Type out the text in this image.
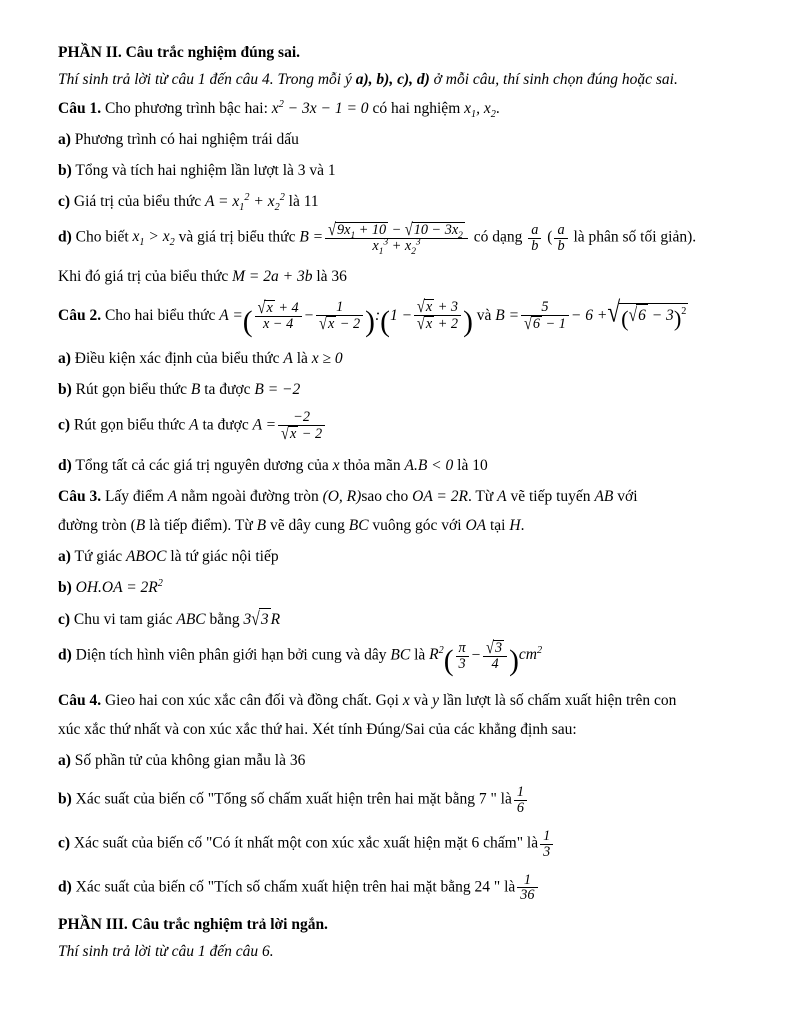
PHẦN II. Câu trắc nghiệm đúng sai.

Thí sinh trả lời từ câu 1 đến câu 4. Trong mỗi ý a), b), c), d) ở mỗi câu, thí sinh chọn đúng hoặc sai.

Câu 1. Cho phương trình bậc hai: $x^2 - 3x - 1 = 0$ có hai nghiệm $x_1$, $x_2$.

a) Phương trình có hai nghiệm trái dấu

b) Tổng và tích hai nghiệm lần lượt là 3 và 1

c) Giá trị của biểu thức $A = x_1^2 + x_2^2$ là 11

d) Cho biết $x_1 > x_2$ và giá trị biểu thức $B = \frac{√9x_1 + 10 - √10 - 3x_2}{x_1^3 + x_2^3}$ có dạng $\frac{a}{b}$ ( $\frac{a}{b}$ là phân số tối giản).

Khi đó giá trị của biểu thức M = 2a + 3b là 36

Câu 2. Cho hai biểu thức A =( $\frac{√x + 4}{x - 4} - \frac{1}{√x - 2}$ ):(1 − $\frac{√x + 3}{√x + 2}$ ) và $B = \frac{5}{√6 - 1} - 6 +√(√6 - 3)^2$

a) Điều kiện xác định của biểu thức A là x ≥ 0

b) Rút gọn biểu thức B ta được B = −2

c) Rút gọn biểu thức A ta được $A = \frac{-2}{√x - 2}$

d) Tổng tất cả các giá trị nguyên dương của x thỏa mãn A.B < 0 là 10

Câu 3. Lấy điểm A nằm ngoài đường tròn (O, R)sao cho OA = 2R. Từ A vẽ tiếp tuyến AB với

đường tròn (B là tiếp điểm). Từ B vẽ dây cung BC vuông góc với OA tại H.

a) Tứ giác ABOC là tứ giác nội tiếp

b) $OH.OA = 2R^2$

c) Chu vi tam giác ABC bằng 3√3 R

d) Diện tích hình viên phân giới hạn bởi cung và dây BC là $R^2( \frac{\pi}{3} - \frac{√3}{4} )cm^2$

Câu 4. Gieo hai con xúc xắc cân đối và đồng chất. Gọi x và y lần lượt là số chấm xuất hiện trên con

xúc xắc thứ nhất và con xúc xắc thứ hai. Xét tính Đúng/Sai của các khẳng định sau:

a) Số phần tử của không gian mẫu là 36

b) Xác suất của biến cố "Tổng số chấm xuất hiện trên hai mặt bằng 7 " là $\frac{1}{6}$

c) Xác suất của biến cố "Có ít nhất một con xúc xắc xuất hiện mặt 6 chấm" là $\frac{1}{3}$

d) Xác suất của biến cố "Tích số chấm xuất hiện trên hai mặt bằng 24 " là $\frac{1}{36}$

PHẦN III. Câu trắc nghiệm trả lời ngắn.

Thí sinh trả lời từ câu 1 đến câu 6.
